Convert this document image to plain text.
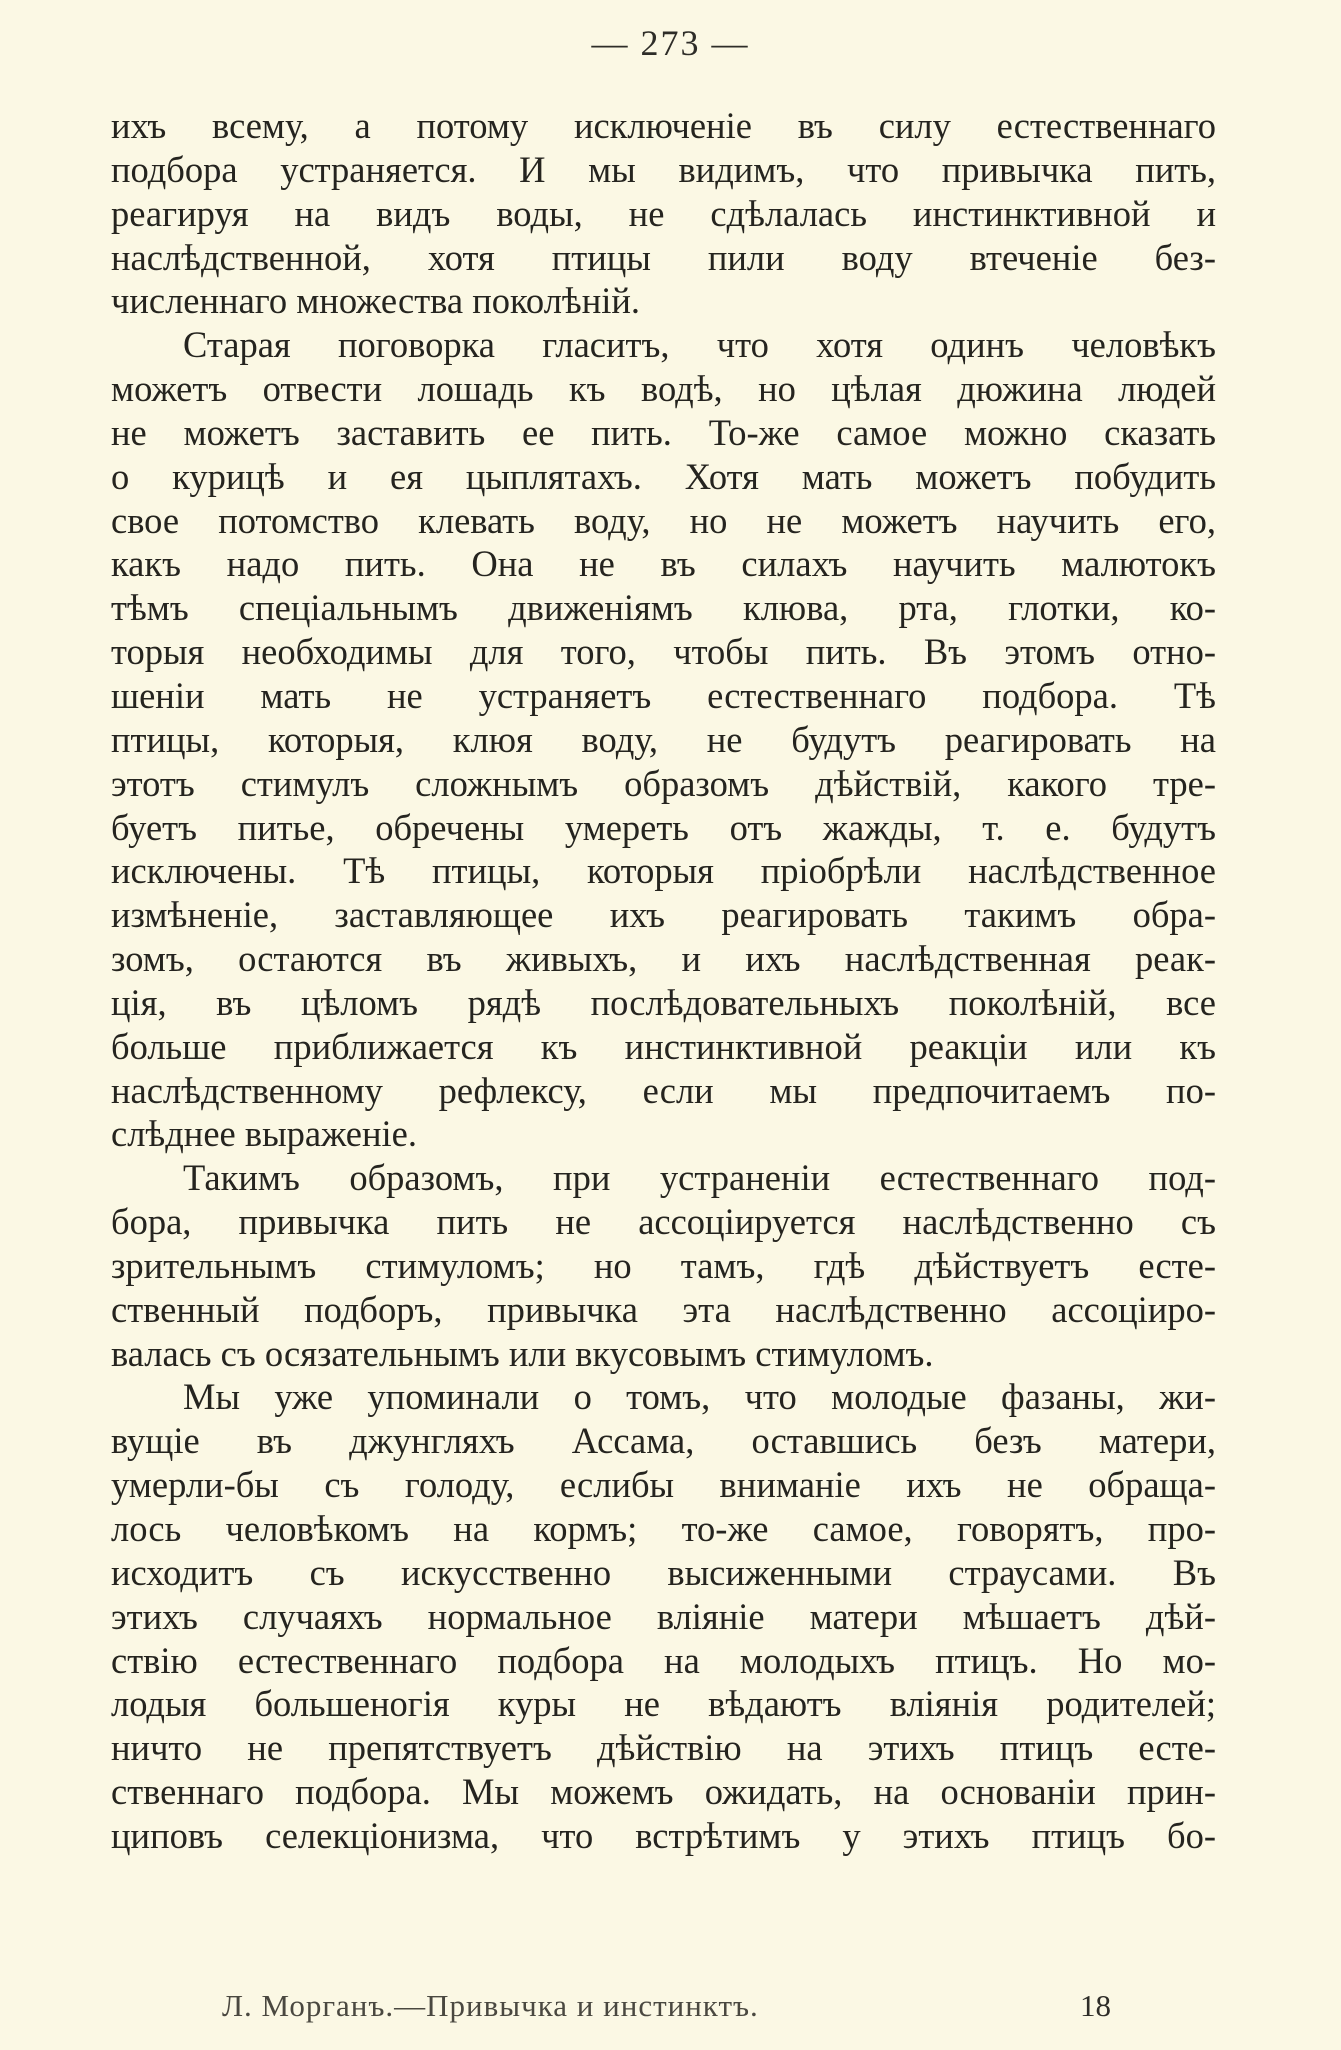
— 273 —
ихъ всему, а потому исключеніе въ силу естественнаго
подбора устраняется. И мы видимъ, что привычка пить,
реагируя на видъ воды, не сдѣлалась инстинктивной и
наслѣдственной, хотя птицы пили воду втеченіе без-
численнаго множества поколѣній.
Старая поговорка гласитъ, что хотя одинъ человѣкъ
можетъ отвести лошадь къ водѣ, но цѣлая дюжина людей
не можетъ заставить ее пить. То-же самое можно сказать
о курицѣ и ея цыплятахъ. Хотя мать можетъ побудить
свое потомство клевать воду, но не можетъ научить его,
какъ надо пить. Она не въ силахъ научить малютокъ
тѣмъ спеціальнымъ движеніямъ клюва, рта, глотки, ко-
торыя необходимы для того, чтобы пить. Въ этомъ отно-
шеніи мать не устраняетъ естественнаго подбора. Тѣ
птицы, которыя, клюя воду, не будутъ реагировать на
этотъ стимулъ сложнымъ образомъ дѣйствій, какого тре-
буетъ питье, обречены умереть отъ жажды, т. е. будутъ
исключены. Тѣ птицы, которыя пріобрѣли наслѣдственное
измѣненіе, заставляющее ихъ реагировать такимъ обра-
зомъ, остаются въ живыхъ, и ихъ наслѣдственная реак-
ція, въ цѣломъ рядѣ послѣдовательныхъ поколѣній, все
больше приближается къ инстинктивной реакціи или къ
наслѣдственному рефлексу, если мы предпочитаемъ по-
слѣднее выраженіе.
Такимъ образомъ, при устраненіи естественнаго под-
бора, привычка пить не ассоціируется наслѣдственно съ
зрительнымъ стимуломъ; но тамъ, гдѣ дѣйствуетъ есте-
ственный подборъ, привычка эта наслѣдственно ассоціиро-
валась съ осязательнымъ или вкусовымъ стимуломъ.
Мы уже упоминали о томъ, что молодые фазаны, жи-
вущіе въ джунгляхъ Ассама, оставшись безъ матери,
умерли-бы съ голоду, еслибы вниманіе ихъ не обраща-
лось человѣкомъ на кормъ; то-же самое, говорятъ, про-
исходитъ съ искусственно высиженными страусами. Въ
этихъ случаяхъ нормальное вліяніе матери мѣшаетъ дѣй-
ствію естественнаго подбора на молодыхъ птицъ. Но мо-
лодыя большеногія куры не вѣдаютъ вліянія родителей;
ничто не препятствуетъ дѣйствію на этихъ птицъ есте-
ственнаго подбора. Мы можемъ ожидать, на основаніи прин-
циповъ селекціонизма, что встрѣтимъ у этихъ птицъ бо-
Л. Морганъ.—Привычка и инстинктъ.	18
